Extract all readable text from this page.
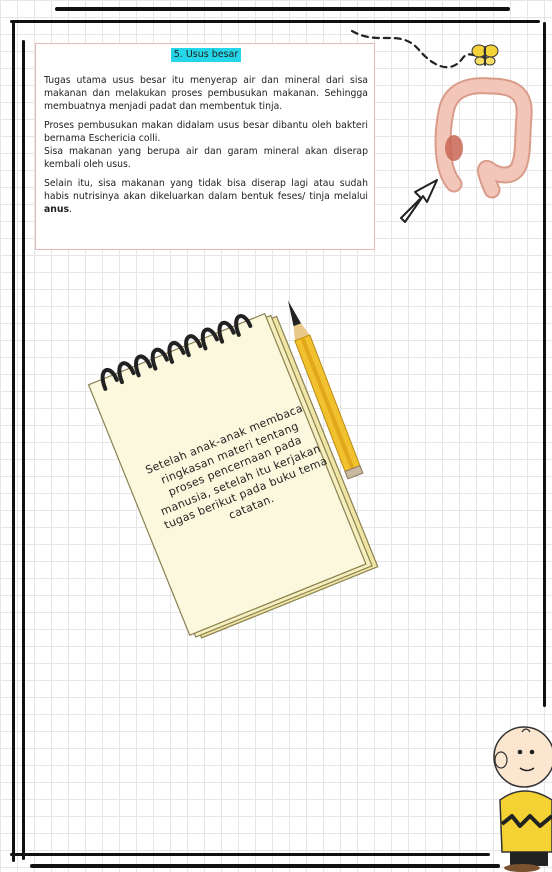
5. Usus besar

Tugas utama usus besar itu menyerap air dan mineral dari sisa makanan dan melakukan proses pembusukan makanan. Sehingga membuatnya menjadi padat dan membentuk tinja.

Proses pembusukan makan didalam usus besar dibantu oleh bakteri bernama Eschericia colli.

Sisa makanan yang berupa air dan garam mineral akan diserap kembali oleh usus.

Selain itu, sisa makanan yang tidak bisa diserap lagi atau sudah habis nutrisinya akan dikeluarkan dalam bentuk feses/ tinja melalui anus.

Setelah anak-anak membaca ringkasan materi tentang proses pencernaan pada manusia, setelah itu kerjakan tugas berikut pada buku tema catatan.
